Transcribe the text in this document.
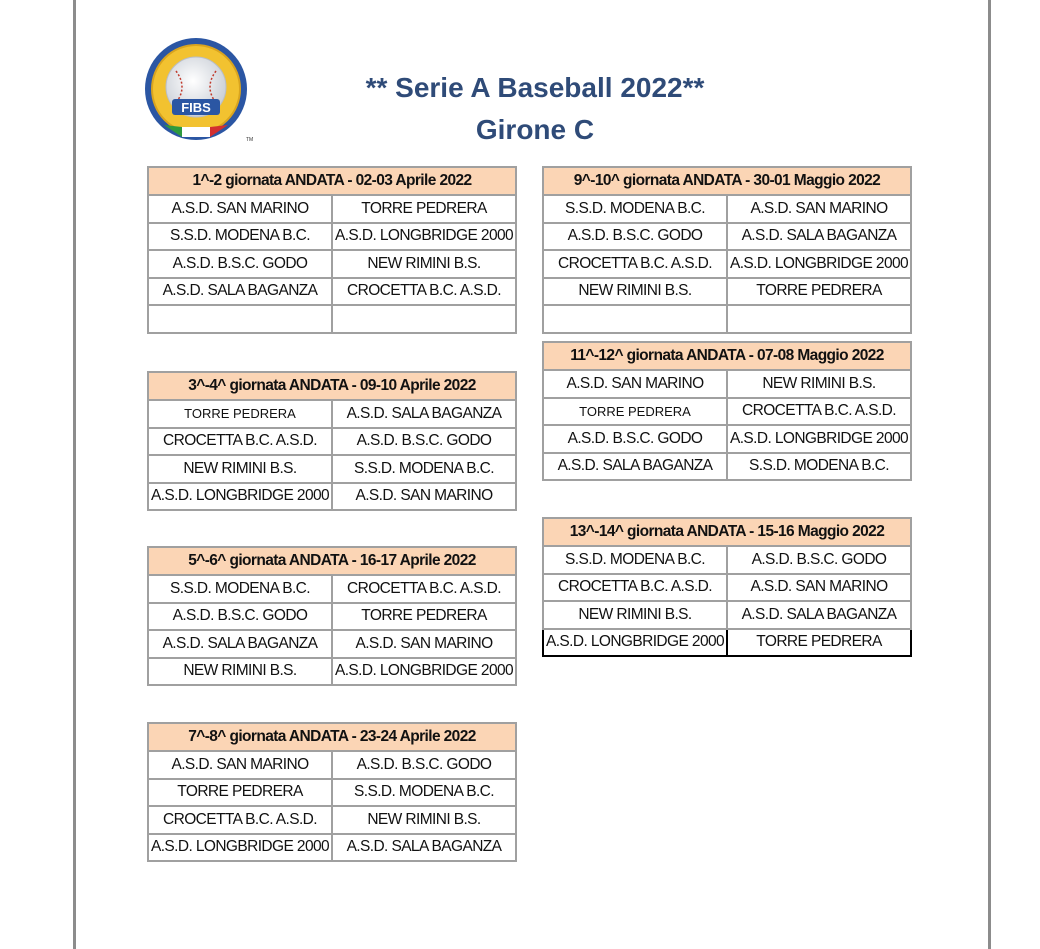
FIBS
TM
** Serie A Baseball 2022**
Girone C
1^-2 giornata ANDATA - 02-03 Aprile 2022	
A.S.D. SAN MARINO	TORRE PEDRERA
S.S.D. MODENA B.C.	A.S.D. LONGBRIDGE 2000
A.S.D. B.S.C. GODO	NEW RIMINI B.S.
A.S.D. SALA BAGANZA	CROCETTA B.C. A.S.D.

3^-4^ giornata ANDATA - 09-10 Aprile 2022	
TORRE PEDRERA	A.S.D. SALA BAGANZA
CROCETTA B.C. A.S.D.	A.S.D. B.S.C. GODO
NEW RIMINI B.S.	S.S.D. MODENA B.C.
A.S.D. LONGBRIDGE 2000	A.S.D. SAN MARINO
5^-6^ giornata ANDATA - 16-17 Aprile 2022	
S.S.D. MODENA B.C.	CROCETTA B.C. A.S.D.
A.S.D. B.S.C. GODO	TORRE PEDRERA
A.S.D. SALA BAGANZA	A.S.D. SAN MARINO
NEW RIMINI B.S.	A.S.D. LONGBRIDGE 2000
7^-8^ giornata ANDATA - 23-24 Aprile 2022	
A.S.D. SAN MARINO	A.S.D. B.S.C. GODO
TORRE PEDRERA	S.S.D. MODENA B.C.
CROCETTA B.C. A.S.D.	NEW RIMINI B.S.
A.S.D. LONGBRIDGE 2000	A.S.D. SALA BAGANZA
9^-10^ giornata ANDATA - 30-01 Maggio 2022	
S.S.D. MODENA B.C.	A.S.D. SAN MARINO
A.S.D. B.S.C. GODO	A.S.D. SALA BAGANZA
CROCETTA B.C. A.S.D.	A.S.D. LONGBRIDGE 2000
NEW RIMINI B.S.	TORRE PEDRERA

11^-12^ giornata ANDATA - 07-08 Maggio 2022	
A.S.D. SAN MARINO	NEW RIMINI B.S.
TORRE PEDRERA	CROCETTA B.C. A.S.D.
A.S.D. B.S.C. GODO	A.S.D. LONGBRIDGE 2000
A.S.D. SALA BAGANZA	S.S.D. MODENA B.C.
13^-14^ giornata ANDATA - 15-16 Maggio 2022	
S.S.D. MODENA B.C.	A.S.D. B.S.C. GODO
CROCETTA B.C. A.S.D.	A.S.D. SAN MARINO
NEW RIMINI B.S.	A.S.D. SALA BAGANZA
A.S.D. LONGBRIDGE 2000	TORRE PEDRERA
